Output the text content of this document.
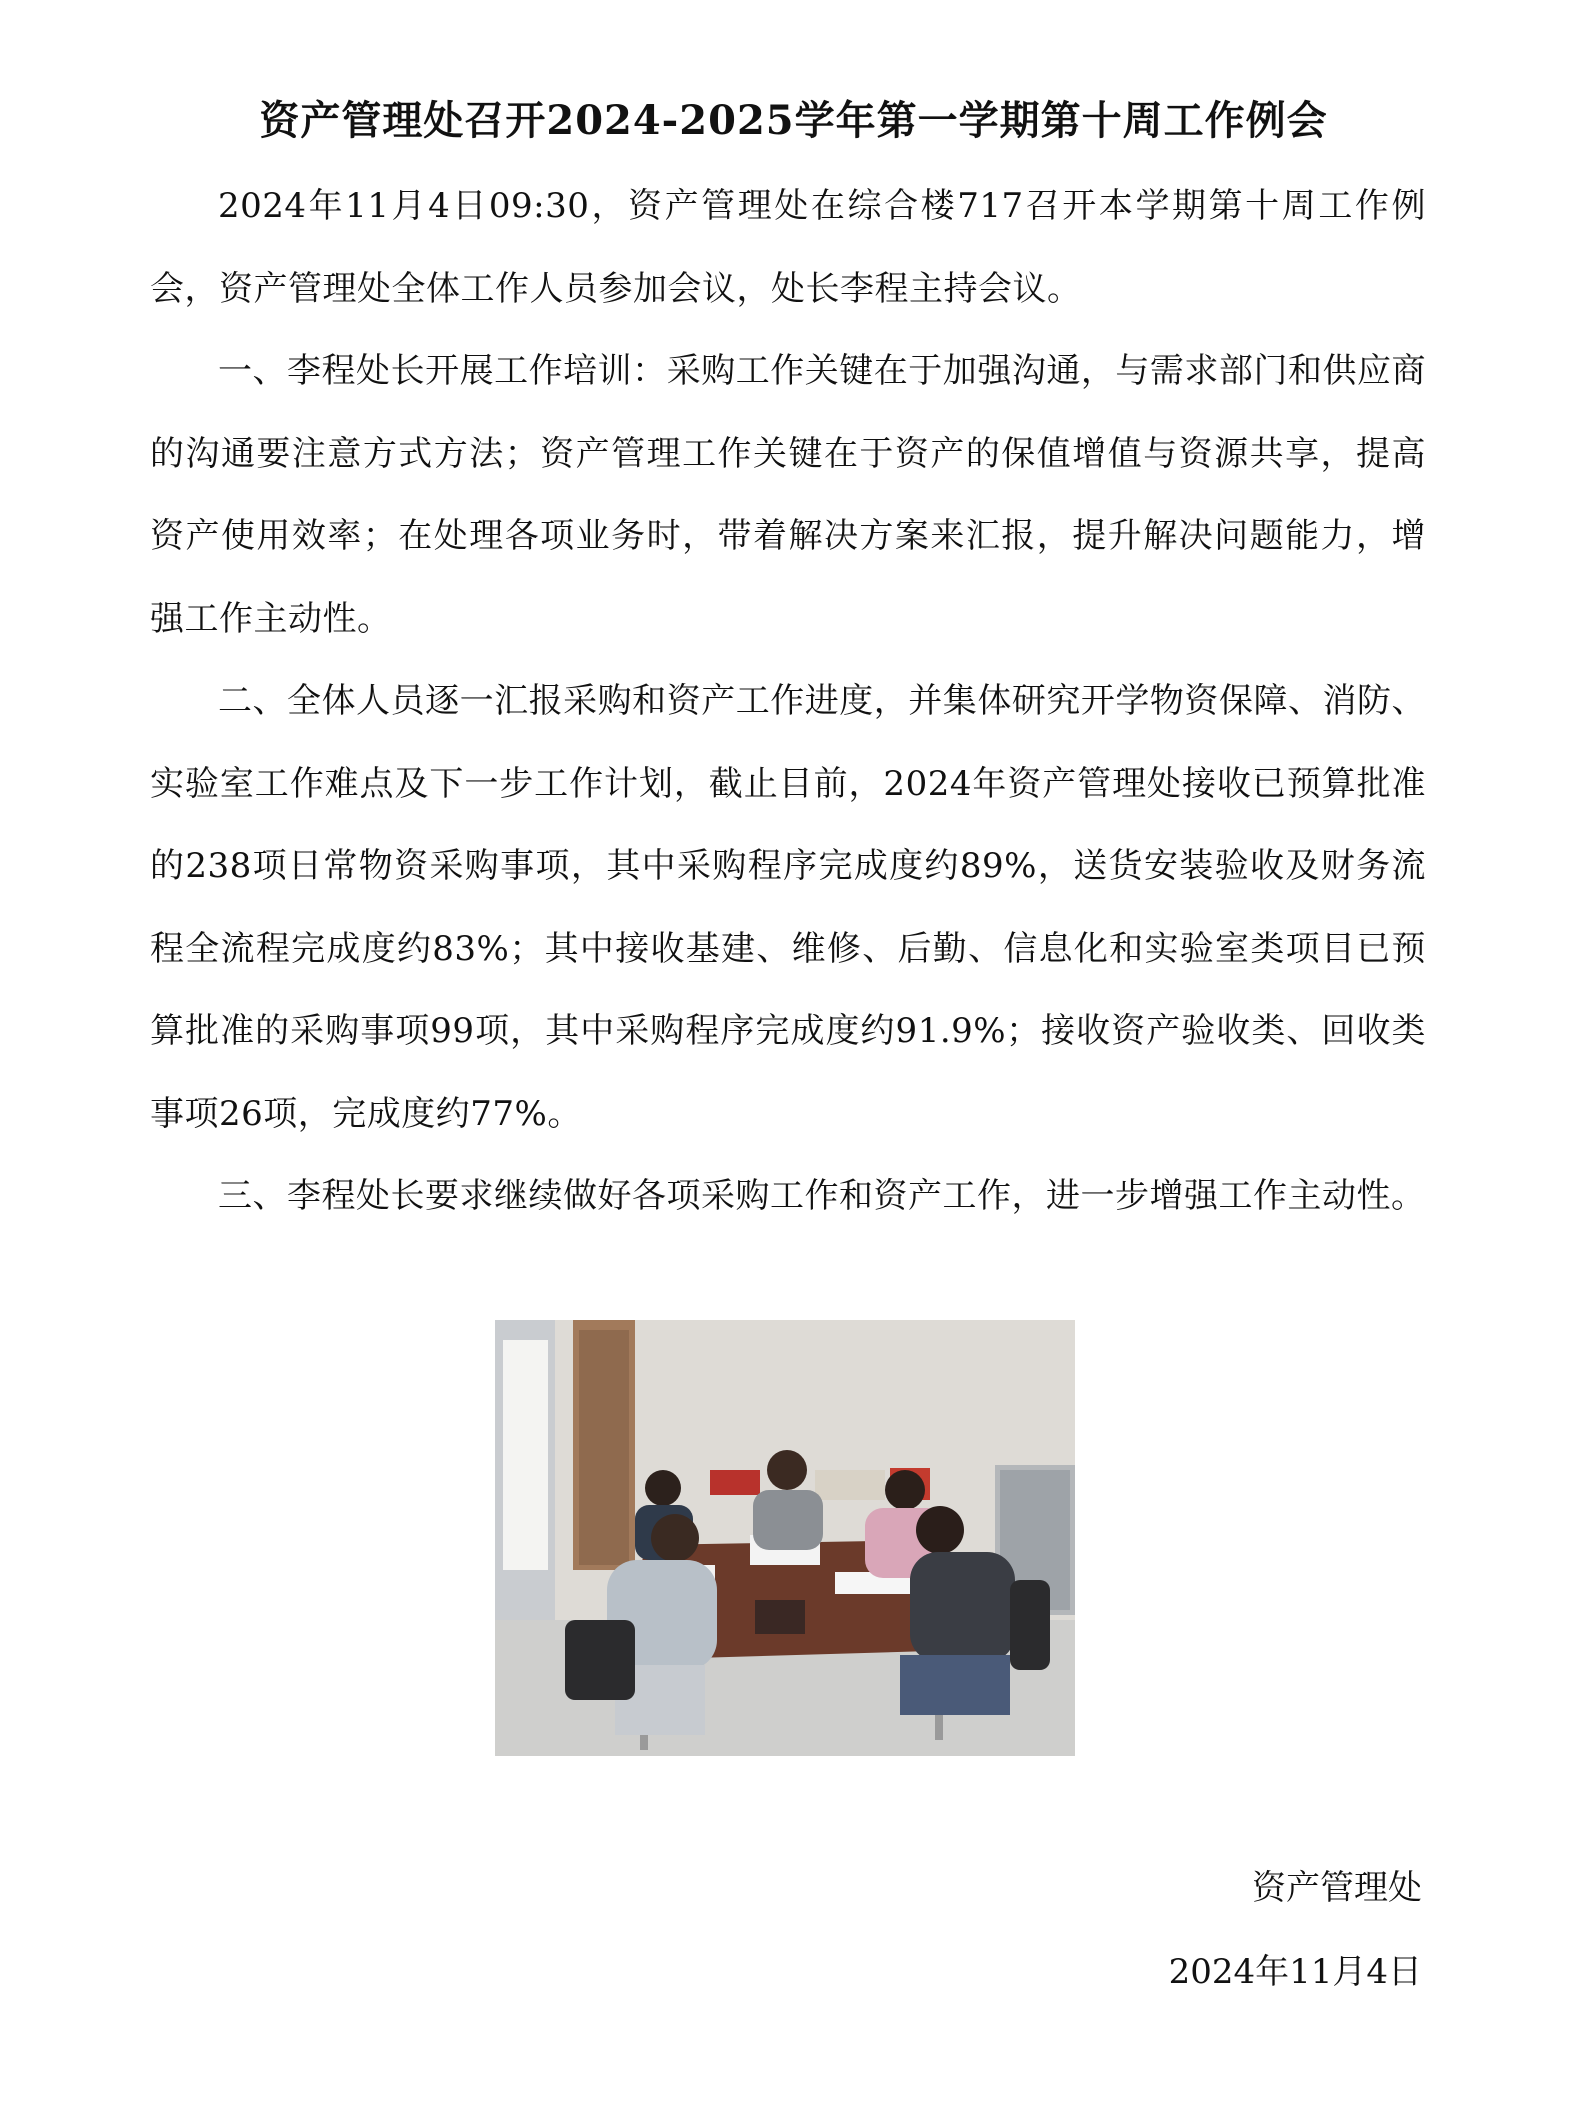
资产管理处召开2024-2025学年第一学期第十周工作例会

2024年11月4日09:30，资产管理处在综合楼717召开本学期第十周工作例会，资产管理处全体工作人员参加会议，处长李程主持会议。

一、李程处长开展工作培训：采购工作关键在于加强沟通，与需求部门和供应商的沟通要注意方式方法；资产管理工作关键在于资产的保值增值与资源共享，提高资产使用效率；在处理各项业务时，带着解决方案来汇报，提升解决问题能力，增强工作主动性。

二、全体人员逐一汇报采购和资产工作进度，并集体研究开学物资保障、消防、实验室工作难点及下一步工作计划，截止目前，2024年资产管理处接收已预算批准的238项日常物资采购事项，其中采购程序完成度约89%，送货安装验收及财务流程全流程完成度约83%；其中接收基建、维修、后勤、信息化和实验室类项目已预算批准的采购事项99项，其中采购程序完成度约91.9%；接收资产验收类、回收类事项26项，完成度约77%。

三、李程处长要求继续做好各项采购工作和资产工作，进一步增强工作主动性。

资产管理处

2024年11月4日
